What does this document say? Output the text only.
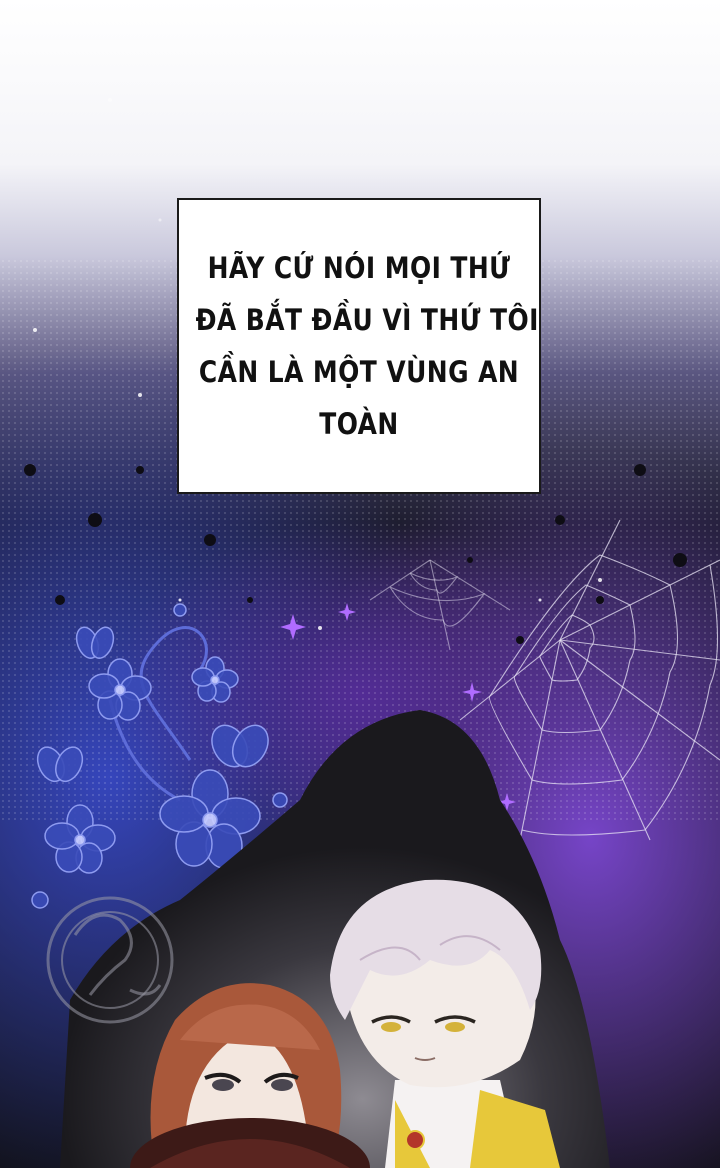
HÃY CỨ NÓI MỌI THỨ
ĐÃ BẮT ĐẦU VÌ THỨ TÔI
CẦN LÀ MỘT VÙNG AN
TOÀN
